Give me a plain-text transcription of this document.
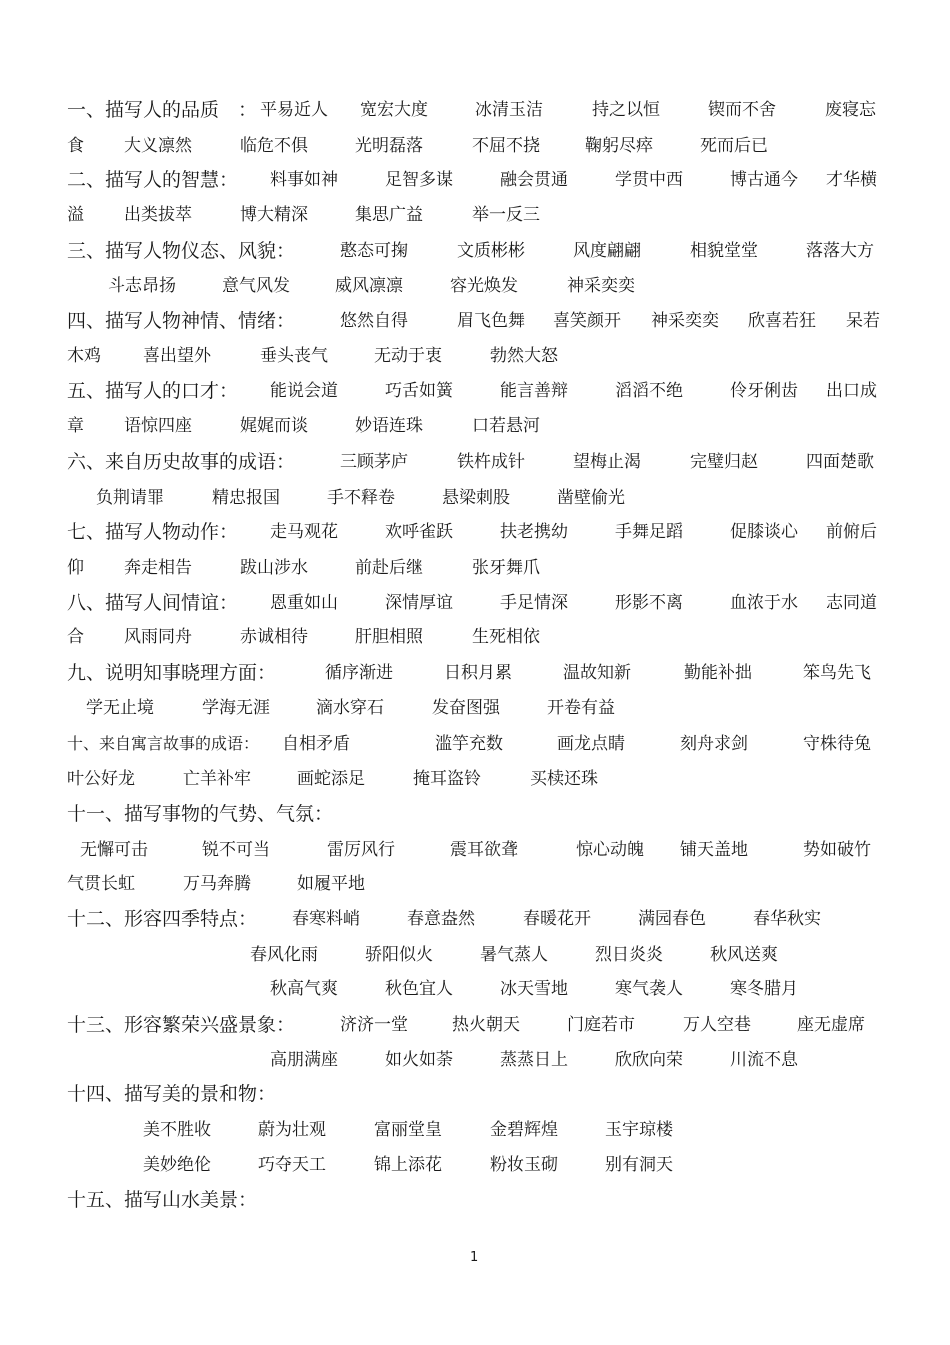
一、描写人的品质 ： 平易近人 宽宏大度	冰清玉洁	持之以恒	锲而不舍	废寝忘
食 大义凛然	临危不俱	光明磊落	不屈不挠	鞠躬尽瘁	死而后已
二、描写人的智慧： 料事如神	足智多谋	融会贯通	学贯中西	博古通今 才华横
溢 出类拔萃	博大精深	集思广益	举一反三
三、描写人物仪态、风貌：	憨态可掬	文质彬彬	风度翩翩	相貌堂堂	落落大方
斗志昂扬	意气风发	威风凛凛	容光焕发	神采奕奕
四、描写人物神情、情绪：	悠然自得	眉飞色舞 喜笑颜开 神采奕奕 欣喜若狂 呆若
木鸡 喜出望外	垂头丧气	无动于衷	勃然大怒
五、描写人的口才： 能说会道	巧舌如簧	能言善辩	滔滔不绝	伶牙俐齿 出口成
章 语惊四座	娓娓而谈	妙语连珠	口若悬河
六、来自历史故事的成语：	三顾茅庐	铁杵成针	望梅止渴	完璧归赵	四面楚歌
负荆请罪	精忠报国	手不释卷	悬梁刺股	凿壁偷光
七、描写人物动作： 走马观花	欢呼雀跃	扶老携幼	手舞足蹈	促膝谈心 前俯后
仰 奔走相告	跋山涉水	前赴后继	张牙舞爪
八、描写人间情谊： 恩重如山	深情厚谊	手足情深	形影不离	血浓于水 志同道
合 风雨同舟	赤诚相待	肝胆相照	生死相依
九、说明知事晓理方面：	循序渐进	日积月累	温故知新	勤能补拙	笨鸟先飞
学无止境	学海无涯	滴水穿石	发奋图强	开卷有益
十、来自寓言故事的成语： 自相矛盾	滥竽充数	画龙点睛	刻舟求剑	守株待兔
叶公好龙	亡羊补牢	画蛇添足	掩耳盗铃	买椟还珠
十一、描写事物的气势、气氛：
无懈可击	锐不可当	雷厉风行	震耳欲聋	惊心动魄 铺天盖地	势如破竹
气贯长虹	万马奔腾	如履平地
十二、形容四季特点： 春寒料峭	春意盎然	春暖花开	满园春色	春华秋实
春风化雨	骄阳似火	暑气蒸人	烈日炎炎	秋风送爽
秋高气爽	秋色宜人	冰天雪地	寒气袭人	寒冬腊月
十三、形容繁荣兴盛景象：	济济一堂	热火朝天	门庭若市	万人空巷	座无虚席
高朋满座	如火如荼	蒸蒸日上	欣欣向荣	川流不息
十四、描写美的景和物：
美不胜收	蔚为壮观	富丽堂皇	金碧辉煌	玉宇琼楼
美妙绝伦	巧夺天工	锦上添花	粉妆玉砌	别有洞天
十五、描写山水美景：
1
